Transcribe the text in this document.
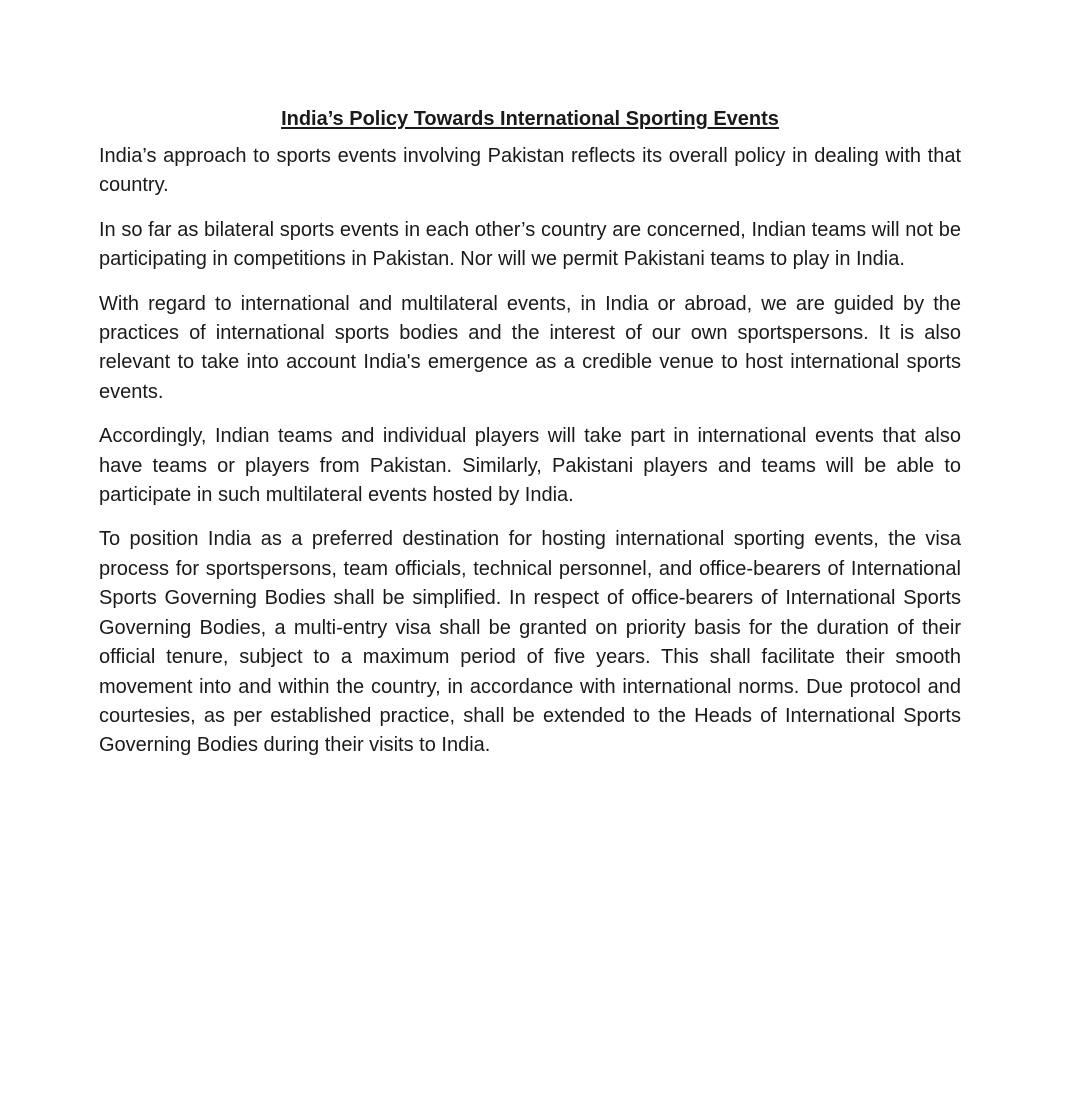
India’s Policy Towards International Sporting Events

India’s approach to sports events involving Pakistan reflects its overall policy in dealing with that country.

In so far as bilateral sports events in each other’s country are concerned, Indian teams will not be participating in competitions in Pakistan. Nor will we permit Pakistani teams to play in India.

With regard to international and multilateral events, in India or abroad, we are guided by the practices of international sports bodies and the interest of our own sportspersons. It is also relevant to take into account India's emergence as a credible venue to host international sports events.

Accordingly, Indian teams and individual players will take part in international events that also have teams or players from Pakistan. Similarly, Pakistani players and teams will be able to participate in such multilateral events hosted by India.

To position India as a preferred destination for hosting international sporting events, the visa process for sportspersons, team officials, technical personnel, and office-bearers of International Sports Governing Bodies shall be simplified. In respect of office-bearers of International Sports Governing Bodies, a multi-entry visa shall be granted on priority basis for the duration of their official tenure, subject to a maximum period of five years. This shall facilitate their smooth movement into and within the country, in accordance with international norms. Due protocol and courtesies, as per established practice, shall be extended to the Heads of International Sports Governing Bodies during their visits to India.
